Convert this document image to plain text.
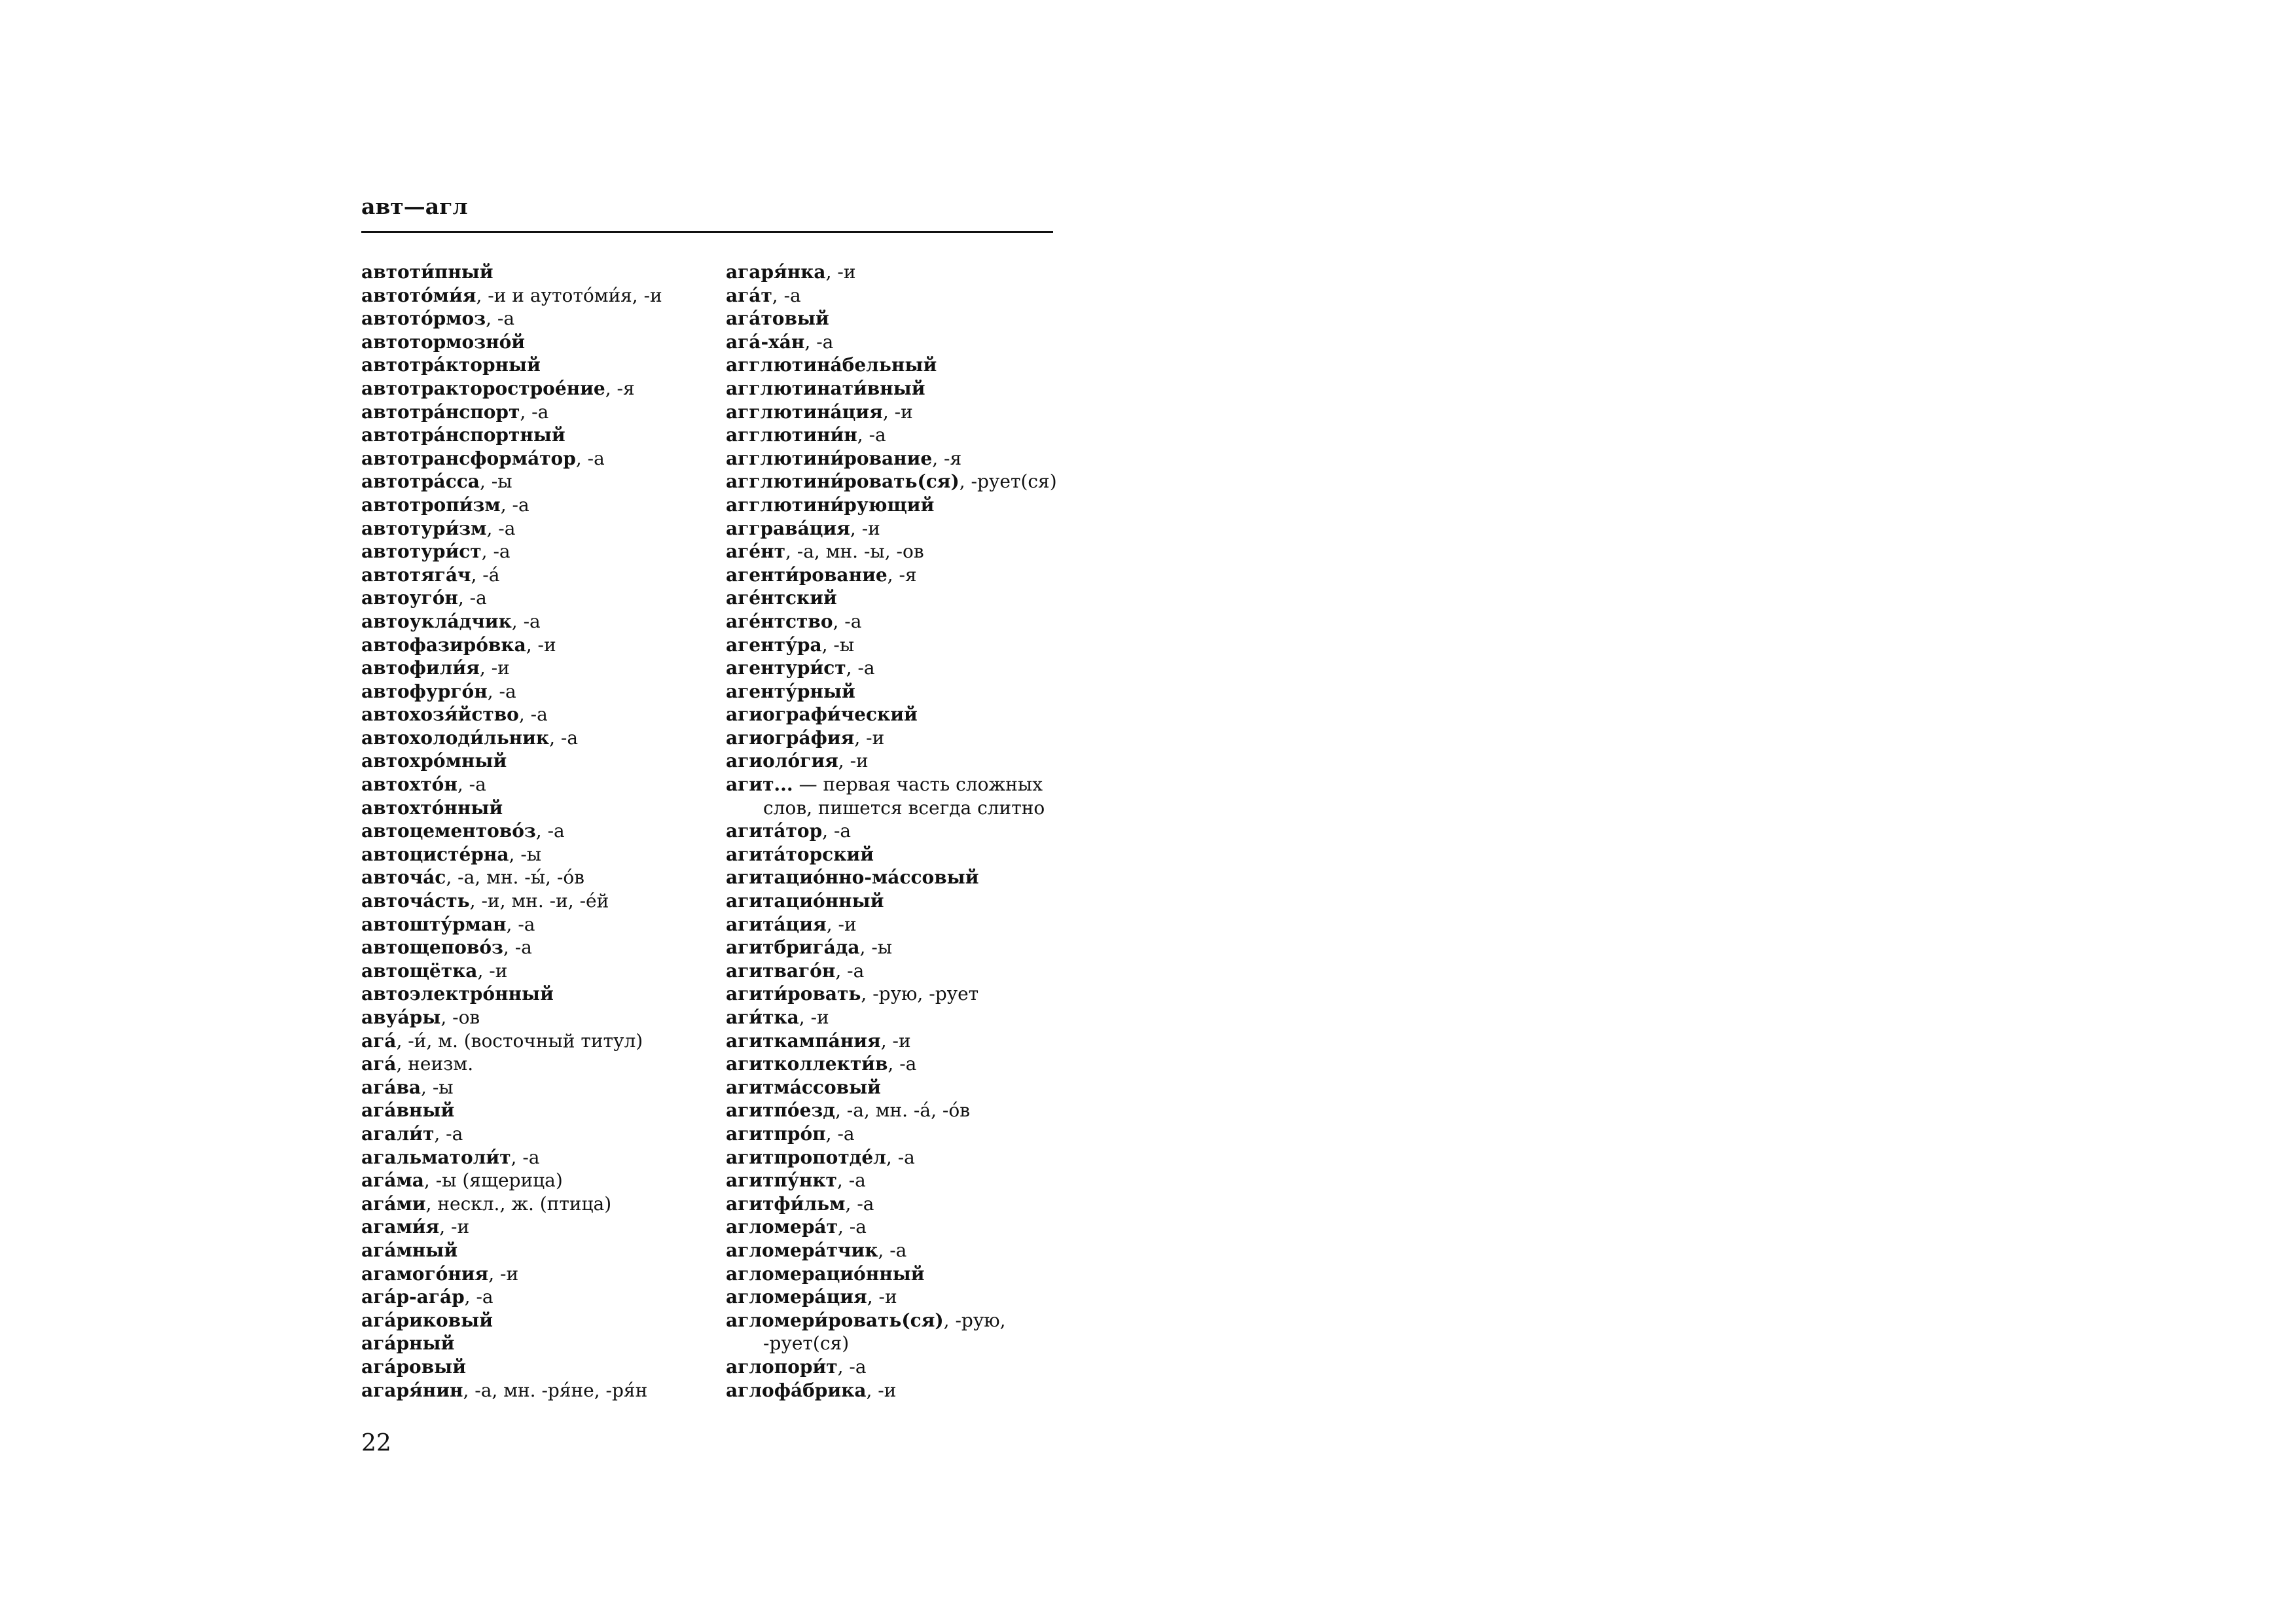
авт—агл
автоти́пный
автото́ми́я, -и и аутото́ми́я, -и
автото́рмоз, -а
автотормозно́й
автотра́кторный
автотракторострое́ние, -я
автотра́нспорт, -а
автотра́нспортный
автотрансформа́тор, -а
автотра́сса, -ы
автотропи́зм, -а
автотури́зм, -а
автотури́ст, -а
автотяга́ч, -а́
автоуго́н, -а
автоукла́дчик, -а
автофазиро́вка, -и
автофили́я, -и
автофурго́н, -а
автохозя́йство, -а
автохолоди́льник, -а
автохро́мный
автохто́н, -а
автохто́нный
автоцементово́з, -а
автоцисте́рна, -ы
авточа́с, -а, мн. -ы́, -о́в
авточа́сть, -и, мн. -и, -е́й
автошту́рман, -а
автощепово́з, -а
автощётка, -и
автоэлектро́нный
авуа́ры, -ов
ага́, -и́, м. (восточный титул)
ага́, неизм.
ага́ва, -ы
ага́вный
агали́т, -а
агальматоли́т, -а
ага́ма, -ы (ящерица)
ага́ми, нескл., ж. (птица)
агами́я, -и
ага́мный
агамого́ния, -и
ага́р-ага́р, -а
ага́риковый
ага́рный
ага́ровый
агаря́нин, -а, мн. -ря́не, -ря́н
агаря́нка, -и
ага́т, -а
ага́товый
ага́-ха́н, -а
агглютина́бельный
агглютинати́вный
агглютина́ция, -и
агглютини́н, -а
агглютини́рование, -я
агглютини́ровать(ся), -рует(ся)
агглютини́рующий
агграва́ция, -и
аге́нт, -а, мн. -ы, -ов
агенти́рование, -я
аге́нтский
аге́нтство, -а
агенту́ра, -ы
агентури́ст, -а
агенту́рный
агиографи́ческий
агиогра́фия, -и
агиоло́гия, -и
агит... — первая часть сложных
слов, пишется всегда слитно
агита́тор, -а
агита́торский
агитацио́нно-ма́ссовый
агитацио́нный
агита́ция, -и
агитбрига́да, -ы
агитваго́н, -а
агити́ровать, -рую, -рует
аги́тка, -и
агиткампа́ния, -и
агитколлекти́в, -а
агитма́ссовый
агитпо́езд, -а, мн. -а́, -о́в
агитпро́п, -а
агитпропотде́л, -а
агитпу́нкт, -а
агитфи́льм, -а
агломера́т, -а
агломера́тчик, -а
агломерацио́нный
агломера́ция, -и
агломери́ровать(ся), -рую,
-рует(ся)
аглопори́т, -а
аглофа́брика, -и
22
